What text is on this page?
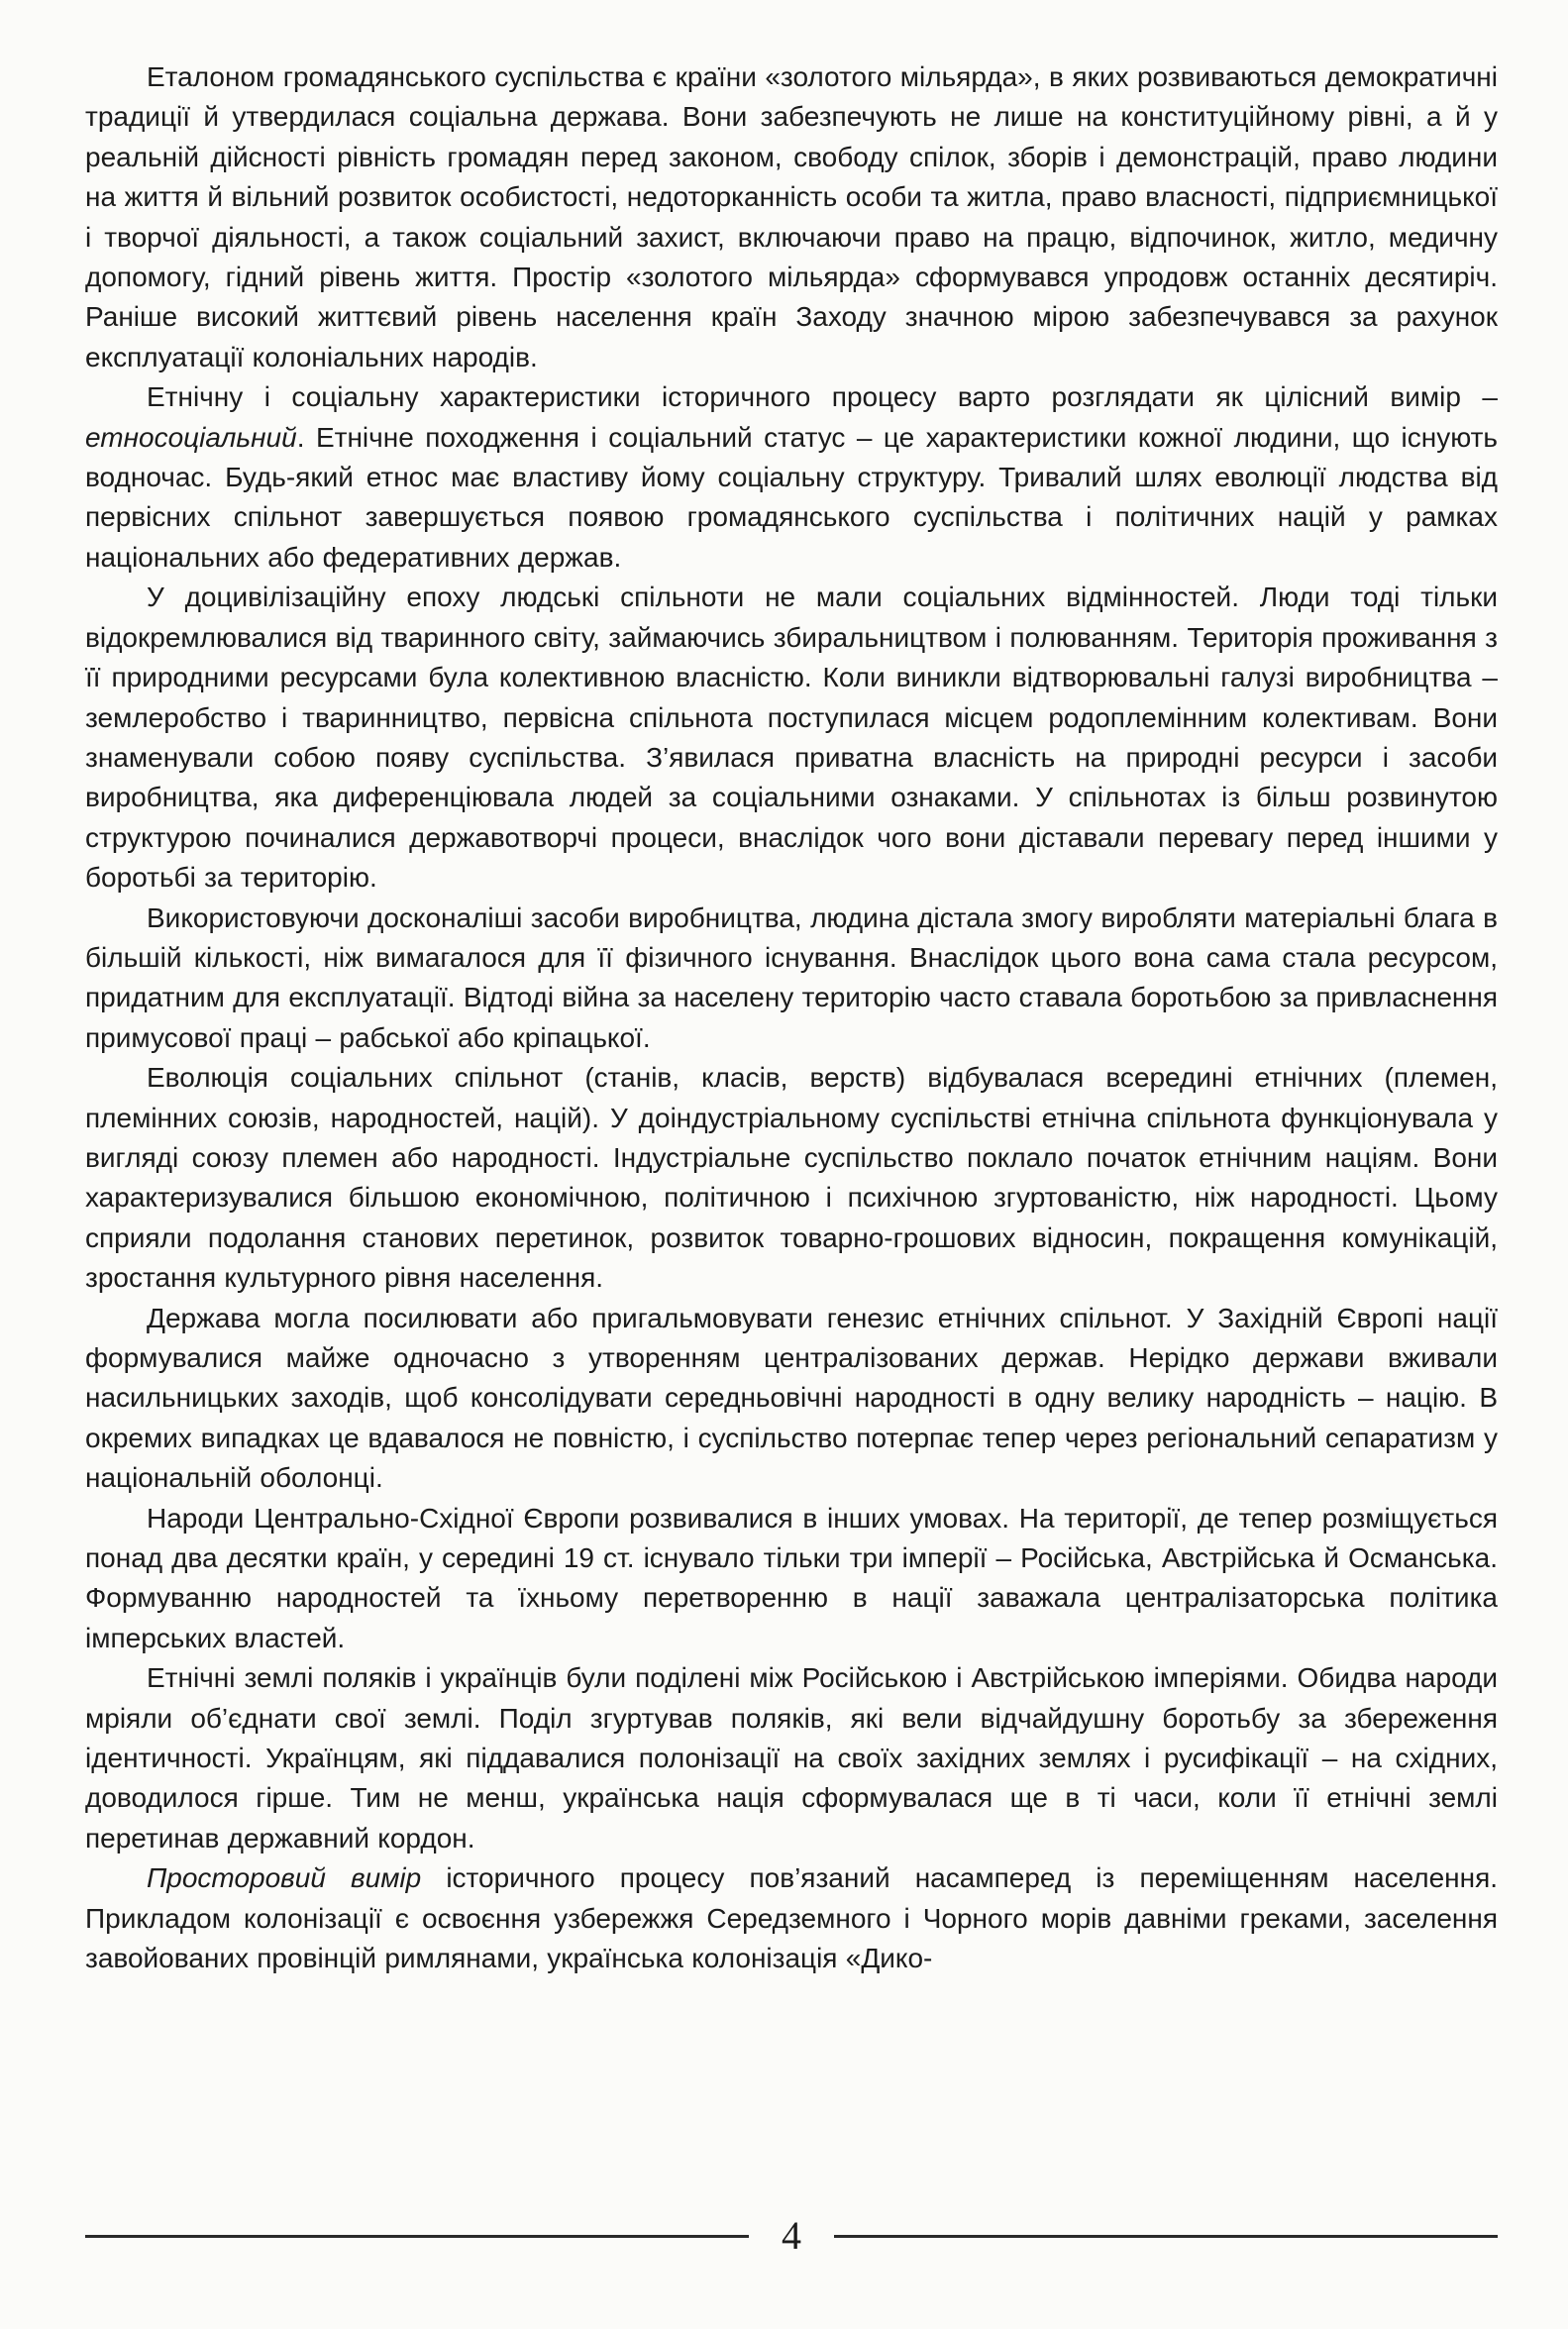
Еталоном громадянського суспільства є країни «золотого мільярда», в яких розвиваються демократичні традиції й утвердилася соціальна держава. Вони забезпечують не лише на конституційному рівні, а й у реальній дійсності рівність громадян перед законом, свободу спілок, зборів і демонстрацій, право людини на життя й вільний розвиток особистості, недоторканність особи та житла, право власності, підприємницької і творчої діяльності, а також соціальний захист, включаючи право на працю, відпочинок, житло, медичну допомогу, гідний рівень життя. Простір «золотого мільярда» сформувався упродовж останніх десятиріч. Раніше високий життєвий рівень населення країн Заходу значною мірою забезпечувався за рахунок експлуатації колоніальних народів.

Етнічну і соціальну характеристики історичного процесу варто розглядати як цілісний вимір – етносоціальний. Етнічне походження і соціальний статус – це характеристики кожної людини, що існують водночас. Будь-який етнос має властиву йому соціальну структуру. Тривалий шлях еволюції людства від первісних спільнот завершується появою громадянського суспільства і політичних націй у рамках національних або федеративних держав.

У доцивілізаційну епоху людські спільноти не мали соціальних відмінностей. Люди тоді тільки відокремлювалися від тваринного світу, займаючись збиральництвом і полюванням. Територія проживання з її природними ресурсами була колективною власністю. Коли виникли відтворювальні галузі виробництва – землеробство і тваринництво, первісна спільнота поступилася місцем родоплемінним колективам. Вони знаменували собою появу суспільства. З’явилася приватна власність на природні ресурси і засоби виробництва, яка диференціювала людей за соціальними ознаками. У спільнотах із більш розвинутою структурою починалися державотворчі процеси, внаслідок чого вони діставали перевагу перед іншими у боротьбі за територію.

Використовуючи досконаліші засоби виробництва, людина дістала змогу виробляти матеріальні блага в більшій кількості, ніж вимагалося для її фізичного існування. Внаслідок цього вона сама стала ресурсом, придатним для експлуатації. Відтоді війна за населену територію часто ставала боротьбою за привласнення примусової праці – рабської або кріпацької.

Еволюція соціальних спільнот (станів, класів, верств) відбувалася всередині етнічних (племен, племінних союзів, народностей, націй). У доіндустріальному суспільстві етнічна спільнота функціонувала у вигляді союзу племен або народності. Індустріальне суспільство поклало початок етнічним націям. Вони характеризувалися більшою економічною, політичною і психічною згуртованістю, ніж народності. Цьому сприяли подолання станових перетинок, розвиток товарно-грошових відносин, покращення комунікацій, зростання культурного рівня населення.

Держава могла посилювати або пригальмовувати генезис етнічних спільнот. У Західній Європі нації формувалися майже одночасно з утворенням централізованих держав. Нерідко держави вживали насильницьких заходів, щоб консолідувати середньовічні народності в одну велику народність – націю. В окремих випадках це вдавалося не повністю, і суспільство потерпає тепер через регіональний сепаратизм у національній оболонці.

Народи Центрально-Східної Європи розвивалися в інших умовах. На території, де тепер розміщується понад два десятки країн, у середині 19 ст. існувало тільки три імперії – Російська, Австрійська й Османська. Формуванню народностей та їхньому перетворенню в нації заважала централізаторська політика імперських властей.

Етнічні землі поляків і українців були поділені між Російською і Австрійською імперіями. Обидва народи мріяли об’єднати свої землі. Поділ згуртував поляків, які вели відчайдушну боротьбу за збереження ідентичності. Українцям, які піддавалися полонізації на своїх західних землях і русифікації – на східних, доводилося гірше. Тим не менш, українська нація сформувалася ще в ті часи, коли її етнічні землі перетинав державний кордон.

Просторовий вимір історичного процесу пов’язаний насамперед із переміщенням населення. Прикладом колонізації є освоєння узбережжя Середземного і Чорного морів давніми греками, заселення завойованих провінцій римлянами, українська колонізація «Дико-

4
